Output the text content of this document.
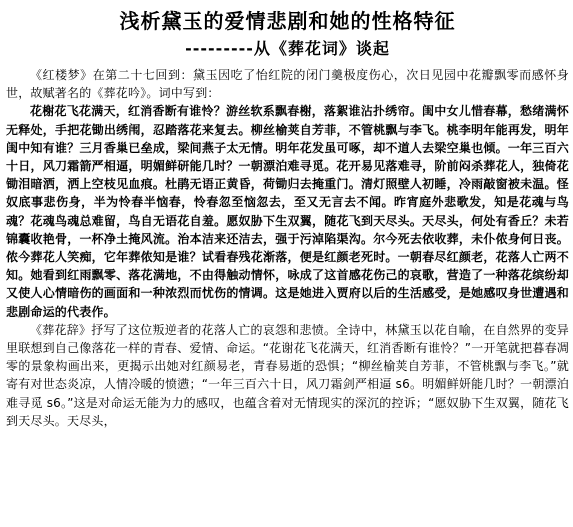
浅析黛玉的爱情悲剧和她的性格特征
---------从《葬花词》谈起

《红楼梦》在第二十七回到：黛玉因吃了怡红院的闭门羹极度伤心，次日见园中花瓣飘零而感怀身世，故赋著名的《葬花吟》。词中写到：

花榭花飞花满天，红消香断有谁怜？游丝软系飘春榭，落絮谁沾扑绣帘。闺中女儿惜春幕，愁绪满怀无释处，手把花锄出绣闱，忍踏落花来复去。柳丝榆荚自芳菲，不管桃飘与李飞。桃李明年能再发，明年闺中知有谁？三月香巢已垒成，梁间燕子太无情。明年花发虽可啄，却不道人去梁空巢也倾。一年三百六十日，风刀霜箭严相逼，明媚鲜研能几时？一朝漂泊难寻觅。花开易见落难寻，阶前闷杀葬花人，独倚花锄泪暗洒，洒上空枝见血痕。杜鹃无语正黄昏，荷锄归去掩重门。清灯照壁人初睡，冷雨敲窗被未温。怪奴底事悲伤身，半为怜春半恼春，怜春忽至恼忽去，至又无言去不闻。昨宵庭外悲歌发，知是花魂与鸟魂？花魂鸟魂总难留，鸟自无语花自羞。愿奴胁下生双翼，随花飞到天尽头。天尽头，何处有香丘？未若锦囊收艳骨，一杯净土掩风流。治本洁来还洁去，强于污淖陷渠沟。尔今死去依收葬，未仆侬身何日丧。侬今葬花人笑痴，它年葬侬知是谁？试看春残花渐落，便是红颜老死时。一朝春尽红颜老，花落人亡两不知。她看到红雨飘零、落花满地，不由得触动情怀，咏成了这首感花伤己的哀歌，营造了一种落花缤纷却又使人心情暗伤的画面和一种浓烈而忧伤的情调。这是她进入贾府以后的生活感受，是她感叹身世遭遇和悲剧命运的代表作。

《葬花辞》抒写了这位叛逆者的花落人亡的哀怨和悲愤。全诗中，林黛玉以花自喻，在自然界的变异里联想到自己像落花一样的青春、爱情、命运。“花谢花飞花满天，红消香断有谁怜？”一开笔就把暮春凋零的景象构画出来，更揭示出她对红颜易老，青春易逝的恐惧；“柳丝榆荚自芳菲，不管桃飘与李飞。”就寄有对世态炎凉，人情冷暖的愤懑；“一年三百六十日，风刀霜剑严相逼 s6。明媚鲜妍能几时？一朝漂泊难寻觅 s6。”这是对命运无能为力的感叹，也蕴含着对无情现实的深沉的控诉；“愿奴胁下生双翼，随花飞到天尽头。天尽头，
